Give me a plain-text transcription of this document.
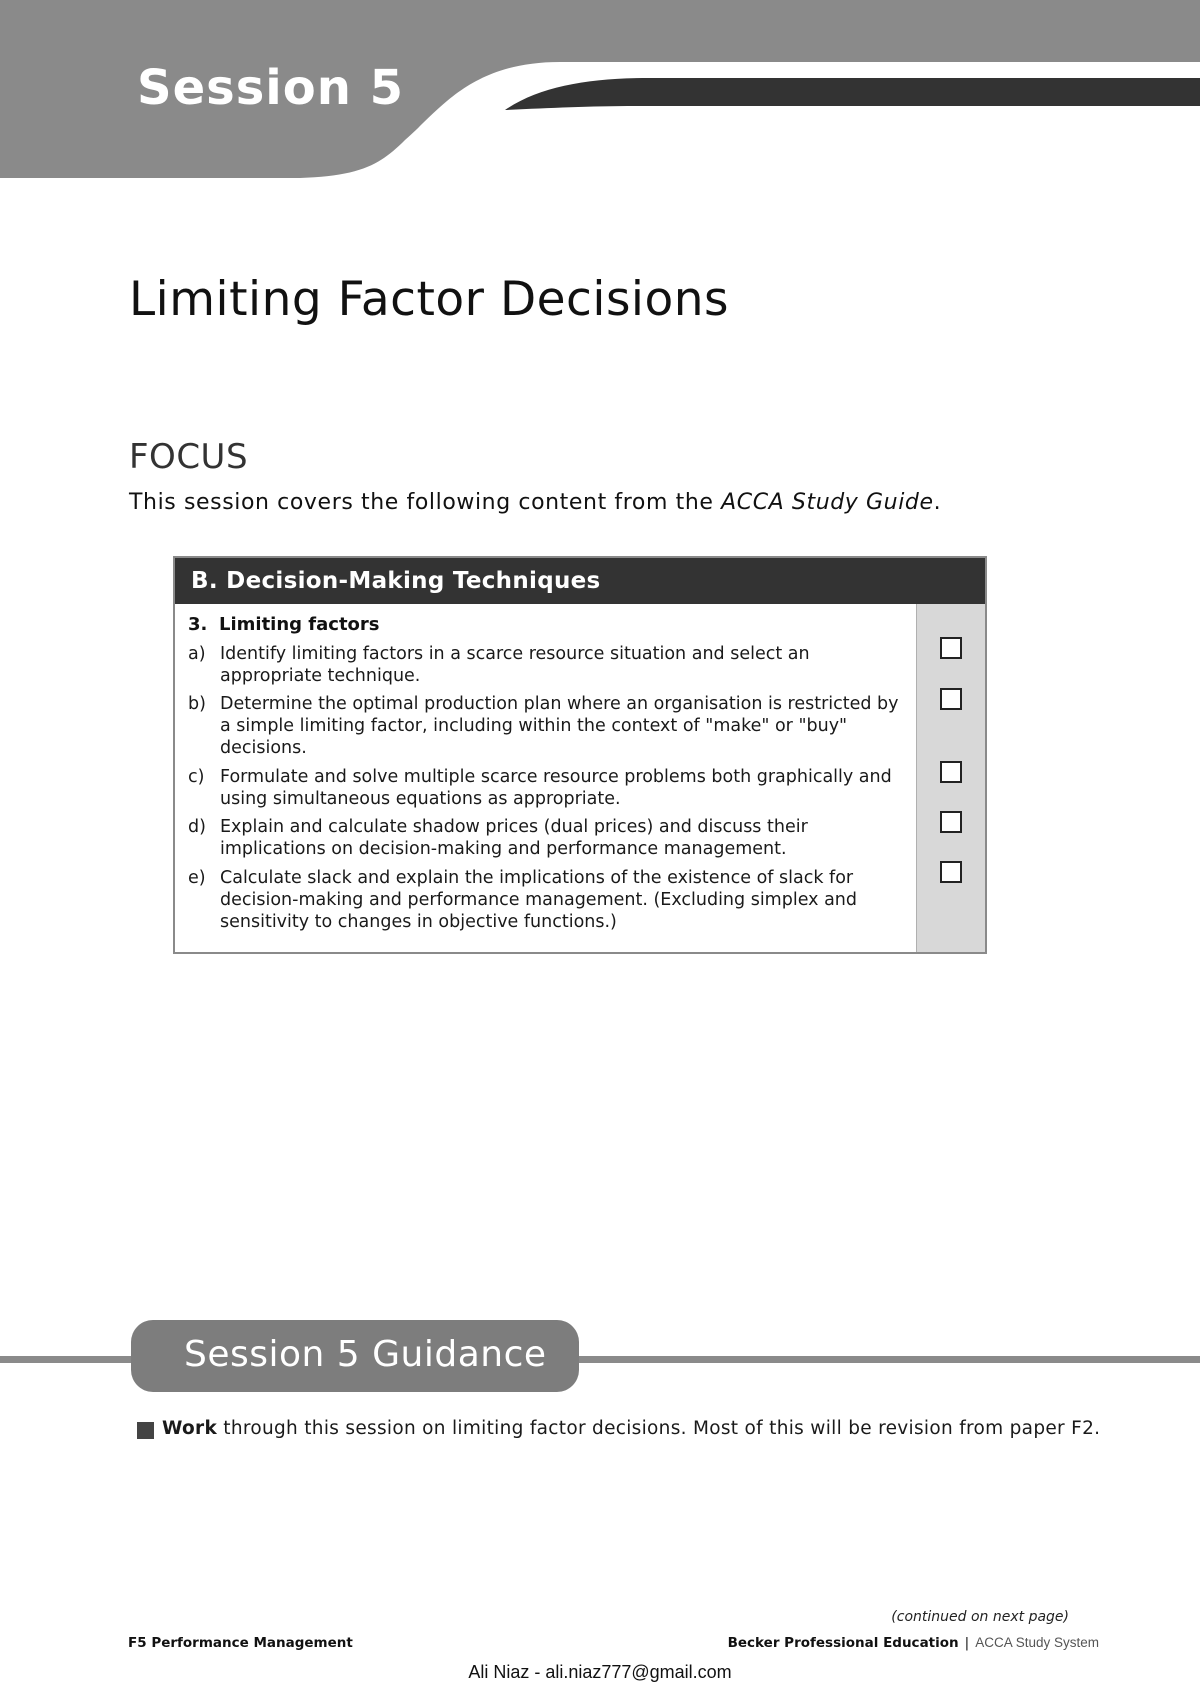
Session 5
Limiting Factor Decisions
FOCUS
This session covers the following content from the ACCA Study Guide.
B. Decision-Making Techniques
3. Limiting factors
a) Identify limiting factors in a scarce resource situation and select an appropriate technique.
b) Determine the optimal production plan where an organisation is restricted by a simple limiting factor, including within the context of "make" or "buy" decisions.
c) Formulate and solve multiple scarce resource problems both graphically and using simultaneous equations as appropriate.
d) Explain and calculate shadow prices (dual prices) and discuss their implications on decision-making and performance management.
e) Calculate slack and explain the implications of the existence of slack for decision-making and performance management. (Excluding simplex and sensitivity to changes in objective functions.)
Session 5 Guidance
Work through this session on limiting factor decisions. Most of this will be revision from paper F2.
(continued on next page)
F5 Performance Management	Becker Professional Education | ACCA Study System
Ali Niaz - ali.niaz777@gmail.com
